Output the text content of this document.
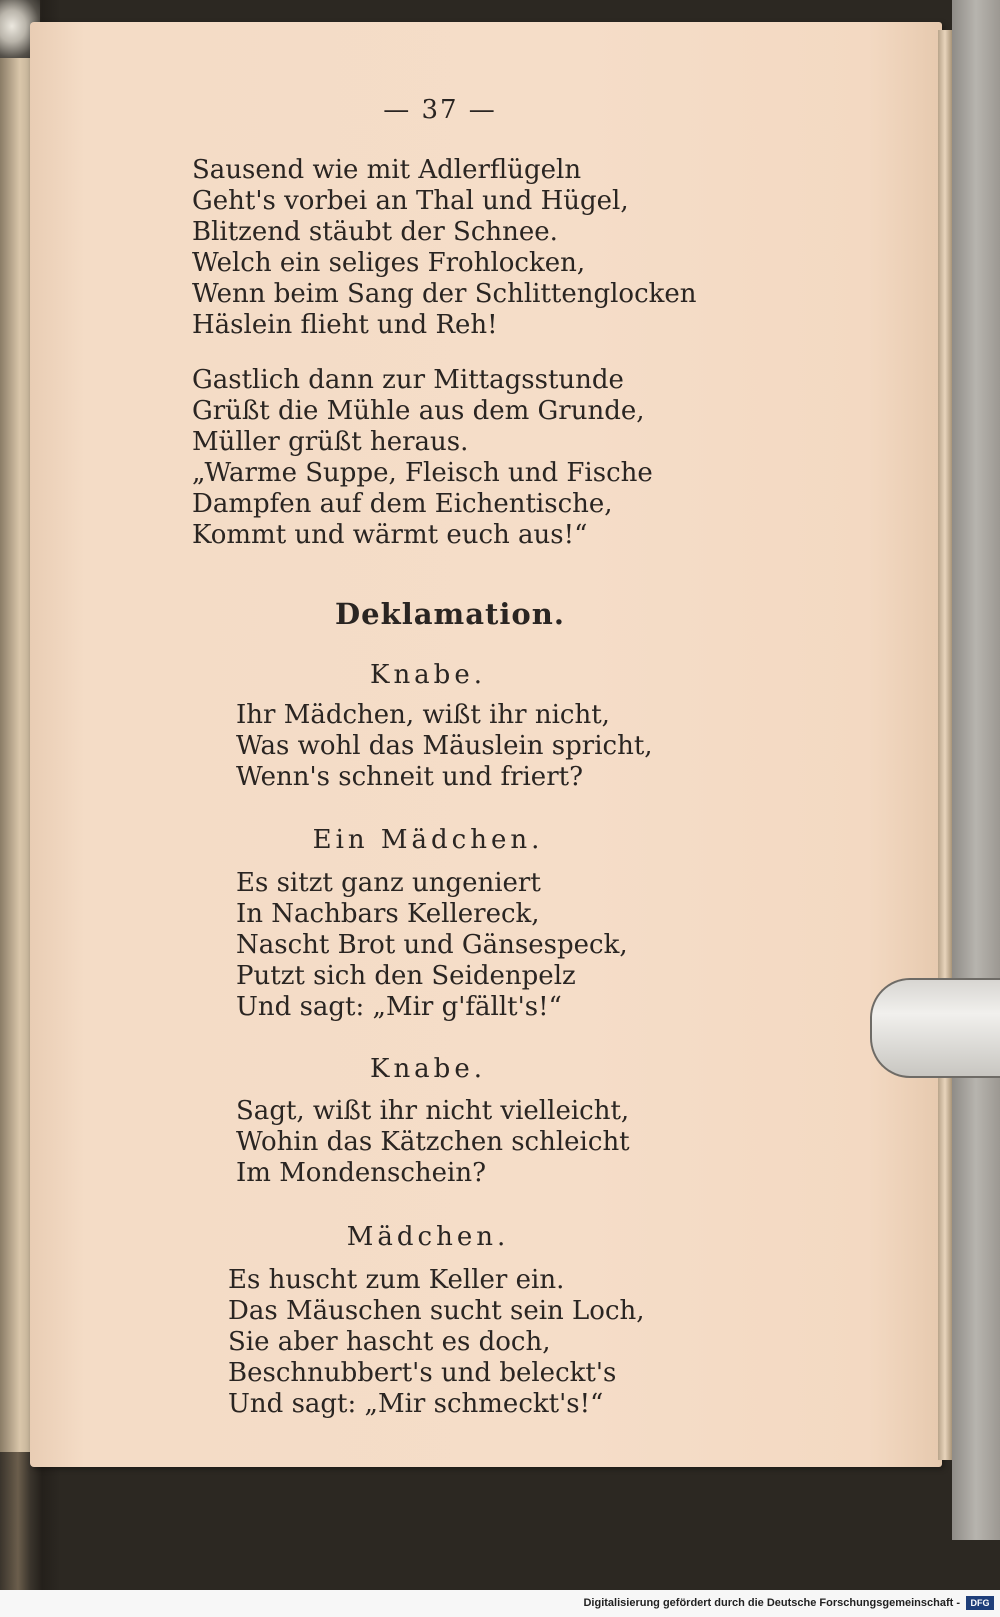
Digitalisierung gefördert durch die Deutsche Forschungsgemeinschaft -	DFG
— 37 —
Sausend wie mit Adlerflügeln
Geht's vorbei an Thal und Hügel,
Blitzend stäubt der Schnee.
Welch ein seliges Frohlocken,
Wenn beim Sang der Schlittenglocken
Häslein flieht und Reh!
Gastlich dann zur Mittagsstunde
Grüßt die Mühle aus dem Grunde,
Müller grüßt heraus.
„Warme Suppe, Fleisch und Fische
Dampfen auf dem Eichentische,
Kommt und wärmt euch aus!“
Deklamation.
Knabe.
Ihr Mädchen, wißt ihr nicht,
Was wohl das Mäuslein spricht,
Wenn's schneit und friert?
Ein Mädchen.
Es sitzt ganz ungeniert
In Nachbars Kellereck,
Nascht Brot und Gänsespeck,
Putzt sich den Seidenpelz
Und sagt: „Mir g'fällt's!“
Knabe.
Sagt, wißt ihr nicht vielleicht,
Wohin das Kätzchen schleicht
Im Mondenschein?
Mädchen.
Es huscht zum Keller ein.
Das Mäuschen sucht sein Loch,
Sie aber hascht es doch,
Beschnubbert's und beleckt's
Und sagt: „Mir schmeckt's!“
